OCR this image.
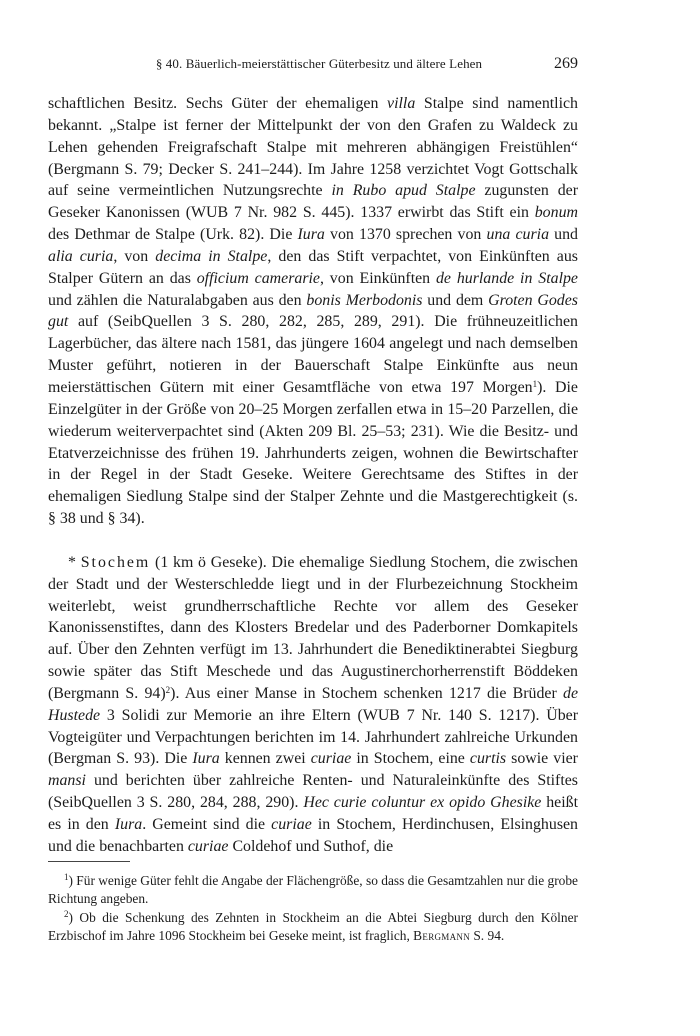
§ 40. Bäuerlich-meierstättischer Güterbesitz und ältere Lehen	269

schaftlichen Besitz. Sechs Güter der ehemaligen villa Stalpe sind namentlich bekannt. „Stalpe ist ferner der Mittelpunkt der von den Grafen zu Waldeck zu Lehen gehenden Freigrafschaft Stalpe mit mehreren abhängigen Freistühlen“ (Bergmann S. 79; Decker S. 241–244). Im Jahre 1258 verzichtet Vogt Gottschalk auf seine vermeintlichen Nutzungsrechte in Rubo apud Stalpe zugunsten der Geseker Kanonissen (WUB 7 Nr. 982 S. 445). 1337 erwirbt das Stift ein bonum des Dethmar de Stalpe (Urk. 82). Die Iura von 1370 sprechen von una curia und alia curia, von decima in Stalpe, den das Stift verpachtet, von Einkünften aus Stalper Gütern an das officium camerarie, von Einkünften de hurlande in Stalpe und zählen die Naturalabgaben aus den bonis Merbodonis und dem Groten Godes gut auf (SeibQuellen 3 S. 280, 282, 285, 289, 291). Die frühneuzeitlichen Lagerbücher, das ältere nach 1581, das jüngere 1604 angelegt und nach demselben Muster geführt, notieren in der Bauerschaft Stalpe Einkünfte aus neun meierstättischen Gütern mit einer Gesamtfläche von etwa 197 Morgen$^1$). Die Einzelgüter in der Größe von 20–25 Morgen zerfallen etwa in 15–20 Parzellen, die wiederum weiterverpachtet sind (Akten 209 Bl. 25–53; 231). Wie die Besitz- und Etatverzeichnisse des frühen 19. Jahrhunderts zeigen, wohnen die Bewirtschafter in der Regel in der Stadt Geseke. Weitere Gerechtsame des Stiftes in der ehemaligen Siedlung Stalpe sind der Stalper Zehnte und die Mastgerechtigkeit (s. § 38 und § 34).

* Stochem (1 km ö Geseke). Die ehemalige Siedlung Stochem, die zwischen der Stadt und der Westerschledde liegt und in der Flurbezeichnung Stockheim weiterlebt, weist grundherrschaftliche Rechte vor allem des Geseker Kanonissenstiftes, dann des Klosters Bredelar und des Paderborner Domkapitels auf. Über den Zehnten verfügt im 13. Jahrhundert die Benediktinerabtei Siegburg sowie später das Stift Meschede und das Augustinerchorherrenstift Böddeken (Bergmann S. 94)$^2$). Aus einer Manse in Stochem schenken 1217 die Brüder de Hustede 3 Solidi zur Memorie an ihre Eltern (WUB 7 Nr. 140 S. 1217). Über Vogteigüter und Verpachtungen berichten im 14. Jahrhundert zahlreiche Urkunden (Bergman S. 93). Die Iura kennen zwei curiae in Stochem, eine curtis sowie vier mansi und berichten über zahlreiche Renten- und Naturaleinkünfte des Stiftes (SeibQuellen 3 S. 280, 284, 288, 290). Hec curie coluntur ex opido Ghesike heißt es in den Iura. Gemeint sind die curiae in Stochem, Herdinchusen, Elsinghusen und die benachbarten curiae Coldehof und Suthof, die

$^1$) Für wenige Güter fehlt die Angabe der Flächengröße, so dass die Gesamtzahlen nur die grobe Richtung angeben.

$^2$) Ob die Schenkung des Zehnten in Stockheim an die Abtei Siegburg durch den Kölner Erzbischof im Jahre 1096 Stockheim bei Geseke meint, ist fraglich, Bergmann S. 94.
